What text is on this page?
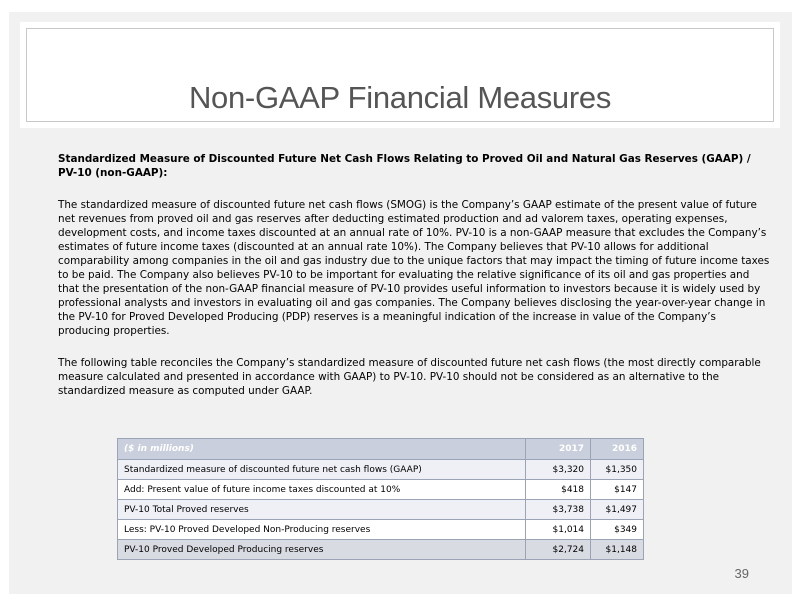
Non-GAAP Financial Measures

Standardized Measure of Discounted Future Net Cash Flows Relating to Proved Oil and Natural Gas Reserves (GAAP) / PV-10 (non-GAAP):

The standardized measure of discounted future net cash flows (SMOG) is the Company’s GAAP estimate of the present value of future net revenues from proved oil and gas reserves after deducting estimated production and ad valorem taxes, operating expenses, development costs, and income taxes discounted at an annual rate of 10%. PV-10 is a non-GAAP measure that excludes the Company’s estimates of future income taxes (discounted at an annual rate 10%). The Company believes that PV-10 allows for additional comparability among companies in the oil and gas industry due to the unique factors that may impact the timing of future income taxes to be paid. The Company also believes PV-10 to be important for evaluating the relative significance of its oil and gas properties and that the presentation of the non-GAAP financial measure of PV-10 provides useful information to investors because it is widely used by professional analysts and investors in evaluating oil and gas companies. The Company believes disclosing the year-over-year change in the PV-10 for Proved Developed Producing (PDP) reserves is a meaningful indication of the increase in value of the Company’s producing properties.

The following table reconciles the Company’s standardized measure of discounted future net cash flows (the most directly comparable measure calculated and presented in accordance with GAAP) to PV-10. PV-10 should not be considered as an alternative to the standardized measure as computed under GAAP.

($ in millions)	2017	2016
Standardized measure of discounted future net cash flows (GAAP)	$3,320	$1,350
Add: Present value of future income taxes discounted at 10%	$418	$147
PV-10 Total Proved reserves	$3,738	$1,497
Less: PV-10 Proved Developed Non-Producing reserves	$1,014	$349
PV-10 Proved Developed Producing reserves	$2,724	$1,148
39
